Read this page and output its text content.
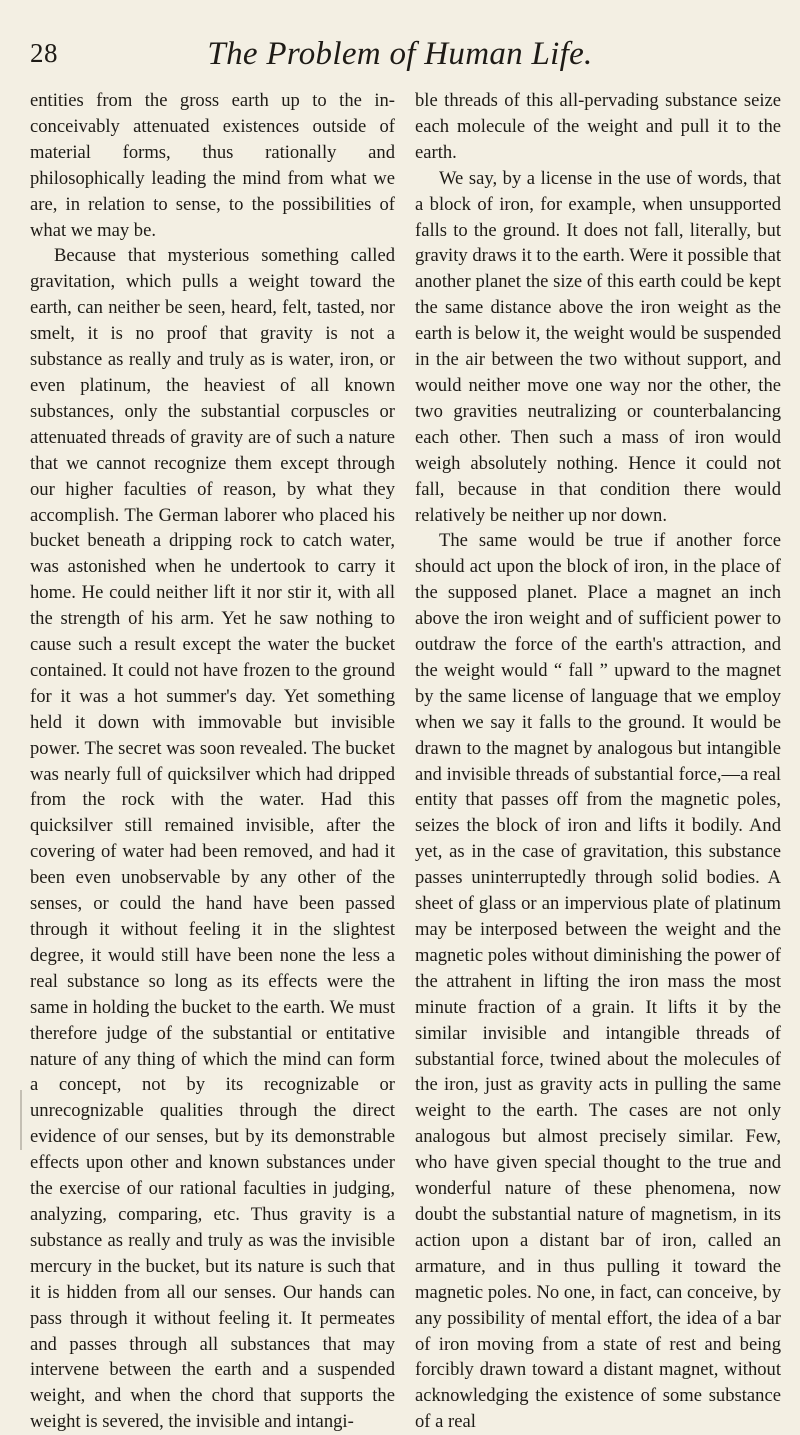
28	The Problem of Human Life.

entities from the gross earth up to the in-conceivably attenuated existences outside of material forms, thus rationally and philosophically leading the mind from what we are, in relation to sense, to the possibilities of what we may be.

Because that mysterious something called gravitation, which pulls a weight toward the earth, can neither be seen, heard, felt, tasted, nor smelt, it is no proof that gravity is not a substance as really and truly as is water, iron, or even platinum, the heaviest of all known substances, only the substantial corpuscles or attenuated threads of gravity are of such a nature that we cannot recognize them except through our higher faculties of reason, by what they accomplish. The German laborer who placed his bucket beneath a dripping rock to catch water, was astonished when he undertook to carry it home. He could neither lift it nor stir it, with all the strength of his arm. Yet he saw nothing to cause such a result except the water the bucket contained. It could not have frozen to the ground for it was a hot summer's day. Yet something held it down with immovable but invisible power. The secret was soon revealed. The bucket was nearly full of quicksilver which had dripped from the rock with the water. Had this quicksilver still remained invisible, after the covering of water had been removed, and had it been even unobservable by any other of the senses, or could the hand have been passed through it without feeling it in the slightest degree, it would still have been none the less a real substance so long as its effects were the same in holding the bucket to the earth. We must therefore judge of the substantial or entitative nature of any thing of which the mind can form a concept, not by its recognizable or unrecognizable qualities through the direct evidence of our senses, but by its demonstrable effects upon other and known substances under the exercise of our rational faculties in judging, analyzing, comparing, etc. Thus gravity is a substance as really and truly as was the invisible mercury in the bucket, but its nature is such that it is hidden from all our senses. Our hands can pass through it without feeling it. It permeates and passes through all substances that may intervene between the earth and a suspended weight, and when the chord that supports the weight is severed, the invisible and intangi-

ble threads of this all-pervading substance seize each molecule of the weight and pull it to the earth.

We say, by a license in the use of words, that a block of iron, for example, when unsupported falls to the ground. It does not fall, literally, but gravity draws it to the earth. Were it possible that another planet the size of this earth could be kept the same distance above the iron weight as the earth is below it, the weight would be suspended in the air between the two without support, and would neither move one way nor the other, the two gravities neutralizing or counterbalancing each other. Then such a mass of iron would weigh absolutely nothing. Hence it could not fall, because in that condition there would relatively be neither up nor down.

The same would be true if another force should act upon the block of iron, in the place of the supposed planet. Place a magnet an inch above the iron weight and of sufficient power to outdraw the force of the earth's attraction, and the weight would “ fall ” upward to the magnet by the same license of language that we employ when we say it falls to the ground. It would be drawn to the magnet by analogous but intangible and invisible threads of substantial force,—a real entity that passes off from the magnetic poles, seizes the block of iron and lifts it bodily. And yet, as in the case of gravitation, this substance passes uninterruptedly through solid bodies. A sheet of glass or an impervious plate of platinum may be interposed between the weight and the magnetic poles without diminishing the power of the attrahent in lifting the iron mass the most minute fraction of a grain. It lifts it by the similar invisible and intangible threads of substantial force, twined about the molecules of the iron, just as gravity acts in pulling the same weight to the earth. The cases are not only analogous but almost precisely similar. Few, who have given special thought to the true and wonderful nature of these phenomena, now doubt the substantial nature of magnetism, in its action upon a distant bar of iron, called an armature, and in thus pulling it toward the magnetic poles. No one, in fact, can conceive, by any possibility of mental effort, the idea of a bar of iron moving from a state of rest and being forcibly drawn toward a distant magnet, without acknowledging the existence of some substance of a real
